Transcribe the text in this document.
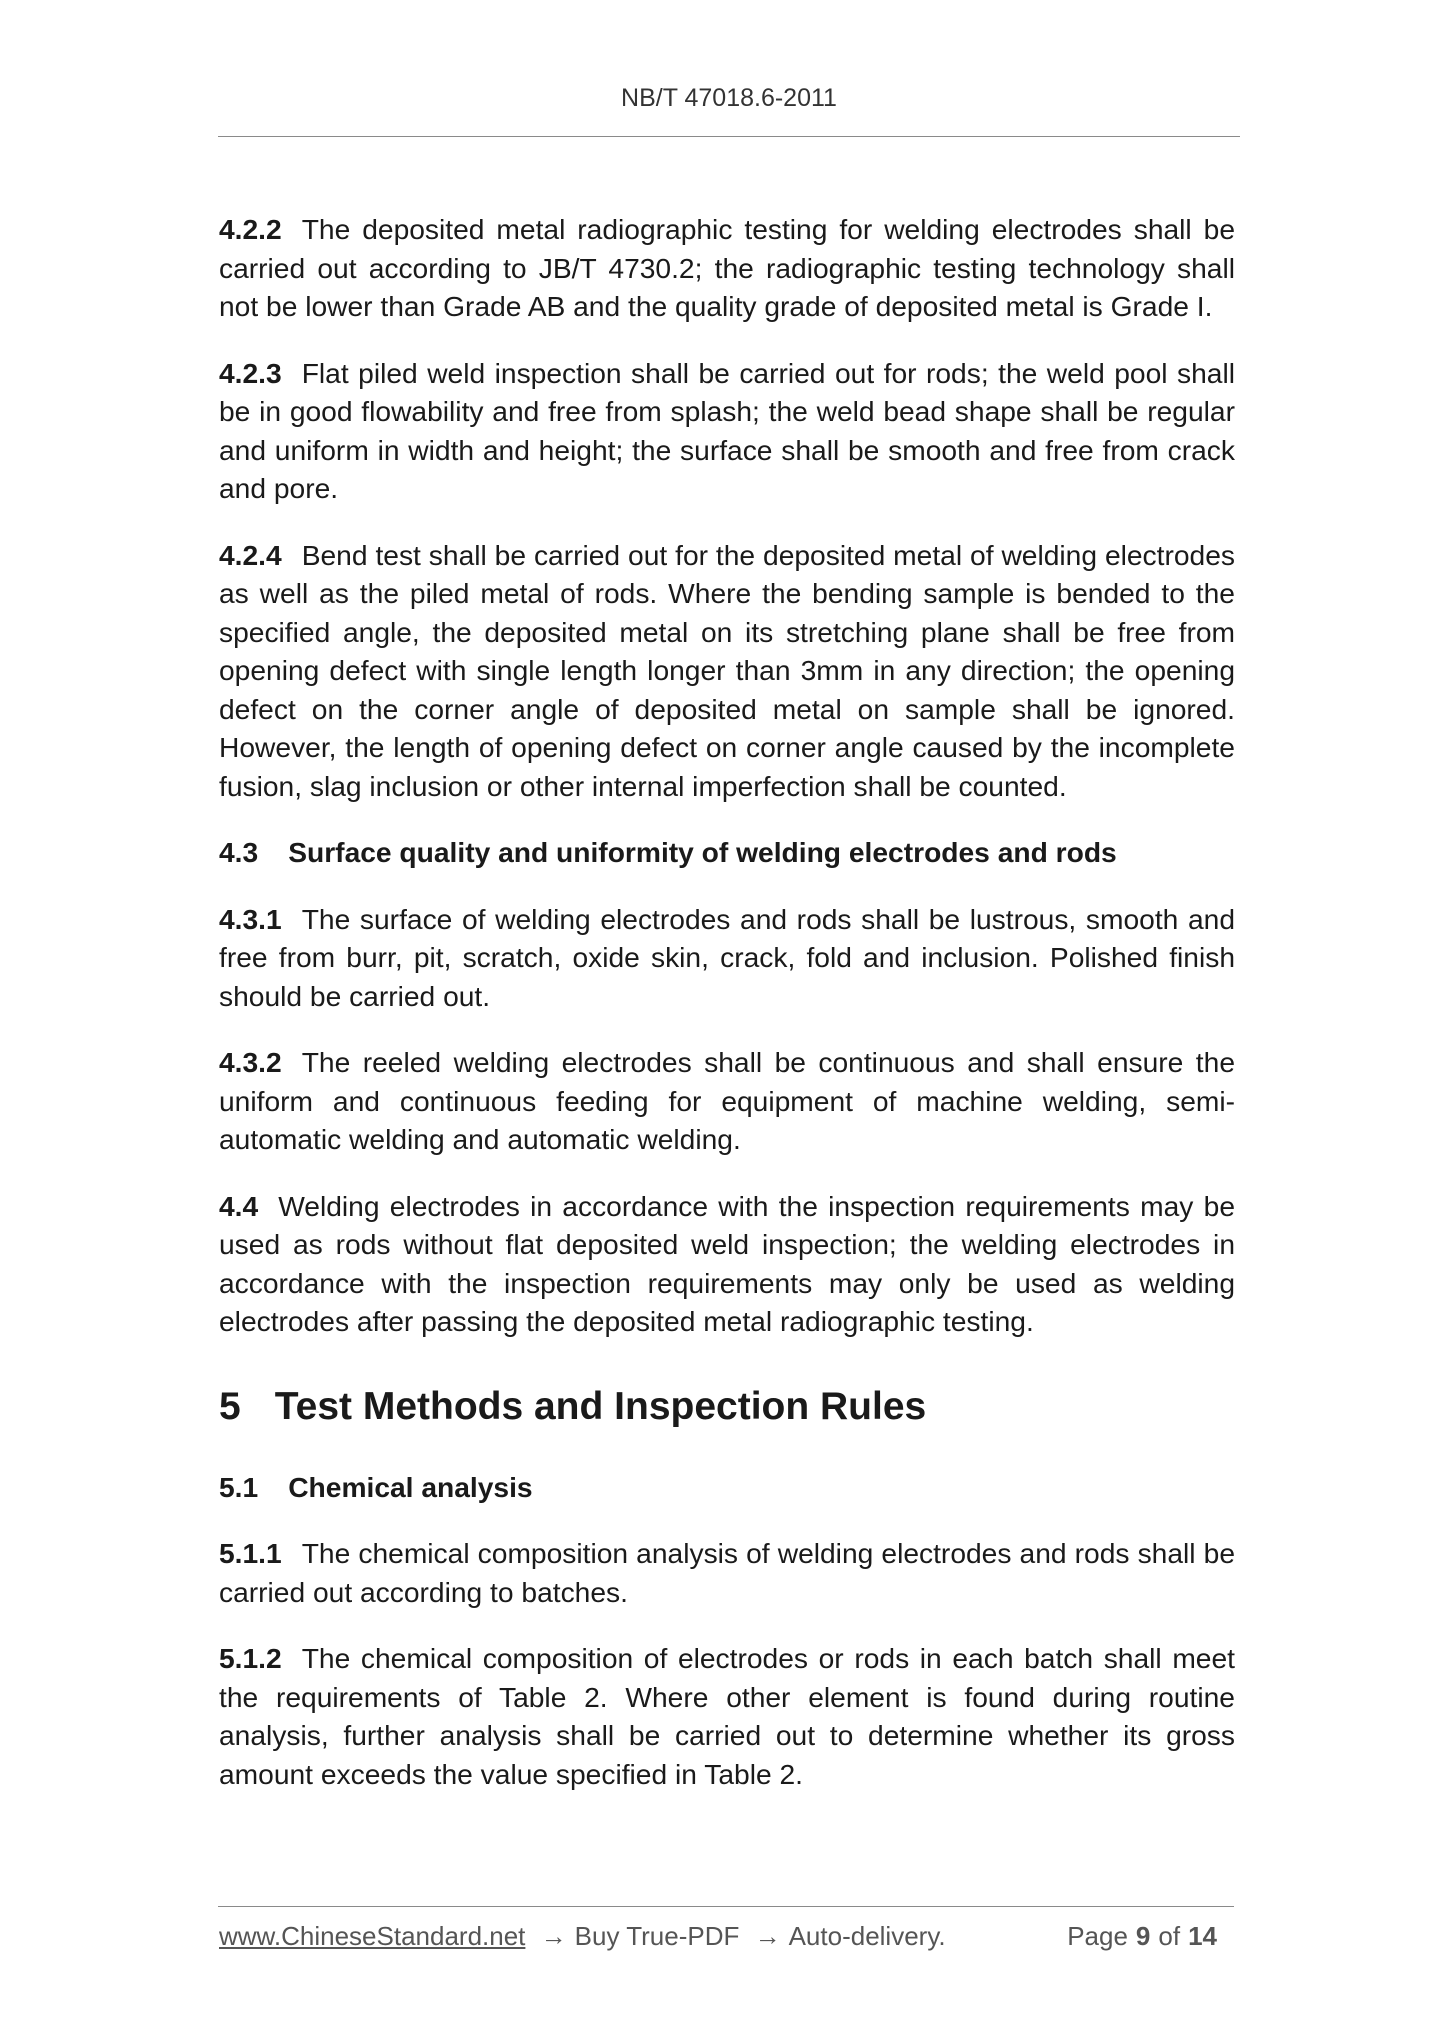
NB/T 47018.6-2011

4.2.2 The deposited metal radiographic testing for welding electrodes shall be carried out according to JB/T 4730.2; the radiographic testing technology shall not be lower than Grade AB and the quality grade of deposited metal is Grade I.

4.2.3 Flat piled weld inspection shall be carried out for rods; the weld pool shall be in good flowability and free from splash; the weld bead shape shall be regular and uniform in width and height; the surface shall be smooth and free from crack and pore.

4.2.4 Bend test shall be carried out for the deposited metal of welding electrodes as well as the piled metal of rods. Where the bending sample is bended to the specified angle, the deposited metal on its stretching plane shall be free from opening defect with single length longer than 3mm in any direction; the opening defect on the corner angle of deposited metal on sample shall be ignored. However, the length of opening defect on corner angle caused by the incomplete fusion, slag inclusion or other internal imperfection shall be counted.

4.3 Surface quality and uniformity of welding electrodes and rods

4.3.1 The surface of welding electrodes and rods shall be lustrous, smooth and free from burr, pit, scratch, oxide skin, crack, fold and inclusion. Polished finish should be carried out.

4.3.2 The reeled welding electrodes shall be continuous and shall ensure the uniform and continuous feeding for equipment of machine welding, semi-automatic welding and automatic welding.

4.4 Welding electrodes in accordance with the inspection requirements may be used as rods without flat deposited weld inspection; the welding electrodes in accordance with the inspection requirements may only be used as welding electrodes after passing the deposited metal radiographic testing.

5 Test Methods and Inspection Rules
5.1 Chemical analysis

5.1.1 The chemical composition analysis of welding electrodes and rods shall be carried out according to batches.

5.1.2 The chemical composition of electrodes or rods in each batch shall meet the requirements of Table 2. Where other element is found during routine analysis, further analysis shall be carried out to determine whether its gross amount exceeds the value specified in Table 2.

www.ChineseStandard.net → Buy True-PDF → Auto-delivery.	Page 9 of 14
